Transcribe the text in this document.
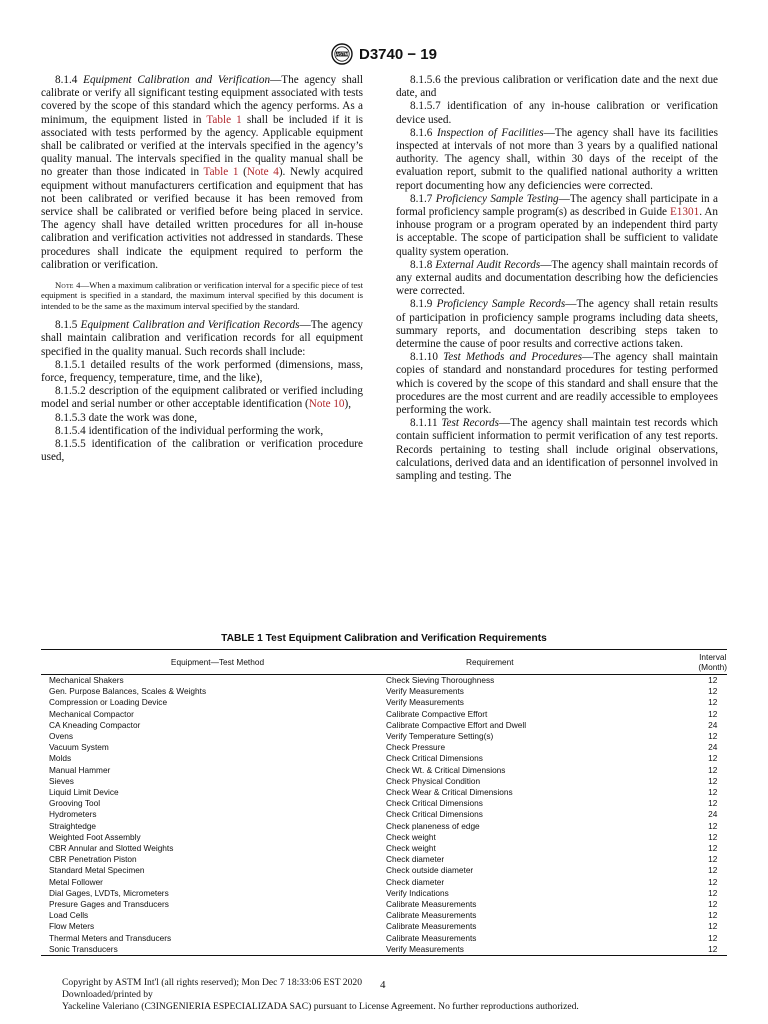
ASTM D3740 − 19

8.1.4 Equipment Calibration and Verification—The agency shall calibrate or verify all significant testing equipment associated with tests covered by the scope of this standard which the agency performs. As a minimum, the equipment listed in Table 1 shall be included if it is associated with tests performed by the agency. Applicable equipment shall be calibrated or verified at the intervals specified in the agency’s quality manual. The intervals specified in the quality manual shall be no greater than those indicated in Table 1 (Note 4). Newly acquired equipment without manufacturers certification and equipment that has not been calibrated or verified because it has been removed from service shall be calibrated or verified before being placed in service. The agency shall have detailed written procedures for all in-house calibration and verification activities not addressed in standards. These procedures shall indicate the equipment required to perform the calibration or verification.

Note 4—When a maximum calibration or verification interval for a specific piece of test equipment is specified in a standard, the maximum interval specified by this document is intended to be the same as the maximum interval specified by the standard.

8.1.5 Equipment Calibration and Verification Records—The agency shall maintain calibration and verification records for all equipment specified in the quality manual. Such records shall include:

8.1.5.1 detailed results of the work performed (dimensions, mass, force, frequency, temperature, time, and the like),

8.1.5.2 description of the equipment calibrated or verified including model and serial number or other acceptable identification (Note 10),

8.1.5.3 date the work was done,

8.1.5.4 identification of the individual performing the work,

8.1.5.5 identification of the calibration or verification procedure used,

8.1.5.6 the previous calibration or verification date and the next due date, and

8.1.5.7 identification of any in-house calibration or verification device used.

8.1.6 Inspection of Facilities—The agency shall have its facilities inspected at intervals of not more than 3 years by a qualified national authority. The agency shall, within 30 days of the receipt of the evaluation report, submit to the qualified national authority a written report documenting how any deficiencies were corrected.

8.1.7 Proficiency Sample Testing—The agency shall participate in a formal proficiency sample program(s) as described in Guide E1301. An inhouse program or a program operated by an independent third party is acceptable. The scope of participation shall be sufficient to validate quality system operation.

8.1.8 External Audit Records—The agency shall maintain records of any external audits and documentation describing how the deficiencies were corrected.

8.1.9 Proficiency Sample Records—The agency shall retain results of participation in proficiency sample programs including data sheets, summary reports, and documentation describing steps taken to determine the cause of poor results and corrective actions taken.

8.1.10 Test Methods and Procedures—The agency shall maintain copies of standard and nonstandard procedures for testing performed which is covered by the scope of this standard and shall ensure that the procedures are the most current and are readily accessible to employees performing the work.

8.1.11 Test Records—The agency shall maintain test records which contain sufficient information to permit verification of any test reports. Records pertaining to testing shall include original observations, calculations, derived data and an identification of personnel involved in sampling and testing. The

TABLE 1 Test Equipment Calibration and Verification Requirements
Equipment—Test Method	Requirement	Interval (Month)
Mechanical Shakers	Check Sieving Thoroughness	12
Gen. Purpose Balances, Scales & Weights	Verify Measurements	12
Compression or Loading Device	Verify Measurements	12
Mechanical Compactor	Calibrate Compactive Effort	12
CA Kneading Compactor	Calibrate Compactive Effort and Dwell	24
Ovens	Verify Temperature Setting(s)	12
Vacuum System	Check Pressure	24
Molds	Check Critical Dimensions	12
Manual Hammer	Check Wt. & Critical Dimensions	12
Sieves	Check Physical Condition	12
Liquid Limit Device	Check Wear & Critical Dimensions	12
Grooving Tool	Check Critical Dimensions	12
Hydrometers	Check Critical Dimensions	24
Straightedge	Check planeness of edge	12
Weighted Foot Assembly	Check weight	12
CBR Annular and Slotted Weights	Check weight	12
CBR Penetration Piston	Check diameter	12
Standard Metal Specimen	Check outside diameter	12
Metal Follower	Check diameter	12
Dial Gages, LVDTs, Micrometers	Verify Indications	12
Presure Gages and Transducers	Calibrate Measurements	12
Load Cells	Calibrate Measurements	12
Flow Meters	Calibrate Measurements	12
Thermal Meters and Transducers	Calibrate Measurements	12
Sonic Transducers	Verify Measurements	12
Copyright by ASTM Int'l (all rights reserved); Mon Dec 7 18:33:06 EST 2020	4
Downloaded/printed by
Yackeline Valeriano (C3INGENIERIA ESPECIALIZADA SAC) pursuant to License Agreement. No further reproductions authorized.
